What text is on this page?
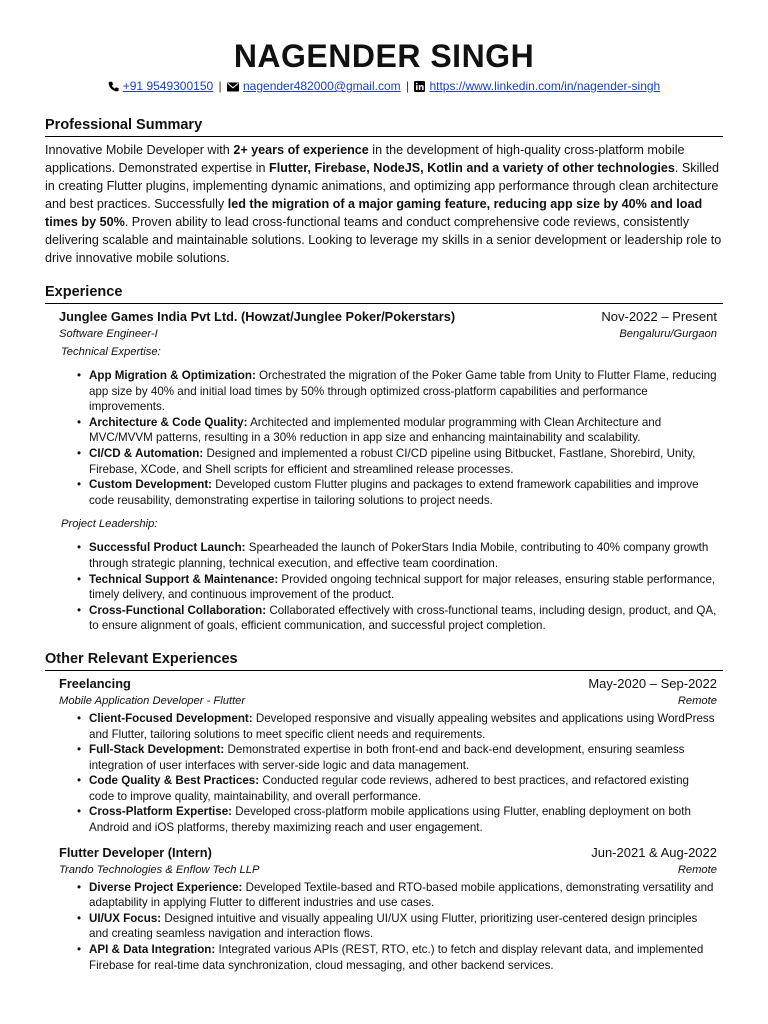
NAGENDER SINGH
+91 9549300150 | nagender482000@gmail.com | https://www.linkedin.com/in/nagender-singh
Professional Summary

Innovative Mobile Developer with 2+ years of experience in the development of high-quality cross-platform mobile applications. Demonstrated expertise in Flutter, Firebase, NodeJS, Kotlin and a variety of other technologies. Skilled in creating Flutter plugins, implementing dynamic animations, and optimizing app performance through clean architecture and best practices. Successfully led the migration of a major gaming feature, reducing app size by 40% and load times by 50%. Proven ability to lead cross-functional teams and conduct comprehensive code reviews, consistently delivering scalable and maintainable solutions. Looking to leverage my skills in a senior development or leadership role to drive innovative mobile solutions.

Experience
Junglee Games India Pvt Ltd. (Howzat/Junglee Poker/Pokerstars)	Nov-2022 – Present
Software Engineer-I	Bengaluru/Gurgaon
Technical Expertise:
• App Migration & Optimization: Orchestrated the migration of the Poker Game table from Unity to Flutter Flame, reducing app size by 40% and initial load times by 50% through optimized cross-platform capabilities and performance improvements.
• Architecture & Code Quality: Architected and implemented modular programming with Clean Architecture and MVC/MVVM patterns, resulting in a 30% reduction in app size and enhancing maintainability and scalability.
• CI/CD & Automation: Designed and implemented a robust CI/CD pipeline using Bitbucket, Fastlane, Shorebird, Unity, Firebase, XCode, and Shell scripts for efficient and streamlined release processes.
• Custom Development: Developed custom Flutter plugins and packages to extend framework capabilities and improve code reusability, demonstrating expertise in tailoring solutions to project needs.
Project Leadership:
• Successful Product Launch: Spearheaded the launch of PokerStars India Mobile, contributing to 40% company growth through strategic planning, technical execution, and effective team coordination.
• Technical Support & Maintenance: Provided ongoing technical support for major releases, ensuring stable performance, timely delivery, and continuous improvement of the product.
• Cross-Functional Collaboration: Collaborated effectively with cross-functional teams, including design, product, and QA, to ensure alignment of goals, efficient communication, and successful project completion.
Other Relevant Experiences
Freelancing	May-2020 – Sep-2022
Mobile Application Developer - Flutter	Remote
• Client-Focused Development: Developed responsive and visually appealing websites and applications using WordPress and Flutter, tailoring solutions to meet specific client needs and requirements.
• Full-Stack Development: Demonstrated expertise in both front-end and back-end development, ensuring seamless integration of user interfaces with server-side logic and data management.
• Code Quality & Best Practices: Conducted regular code reviews, adhered to best practices, and refactored existing code to improve quality, maintainability, and overall performance.
• Cross-Platform Expertise: Developed cross-platform mobile applications using Flutter, enabling deployment on both Android and iOS platforms, thereby maximizing reach and user engagement.
Flutter Developer (Intern)	Jun-2021 & Aug-2022
Trando Technologies & Enflow Tech LLP	Remote
• Diverse Project Experience: Developed Textile-based and RTO-based mobile applications, demonstrating versatility and adaptability in applying Flutter to different industries and use cases.
• UI/UX Focus: Designed intuitive and visually appealing UI/UX using Flutter, prioritizing user-centered design principles and creating seamless navigation and interaction flows.
• API & Data Integration: Integrated various APIs (REST, RTO, etc.) to fetch and display relevant data, and implemented Firebase for real-time data synchronization, cloud messaging, and other backend services.
